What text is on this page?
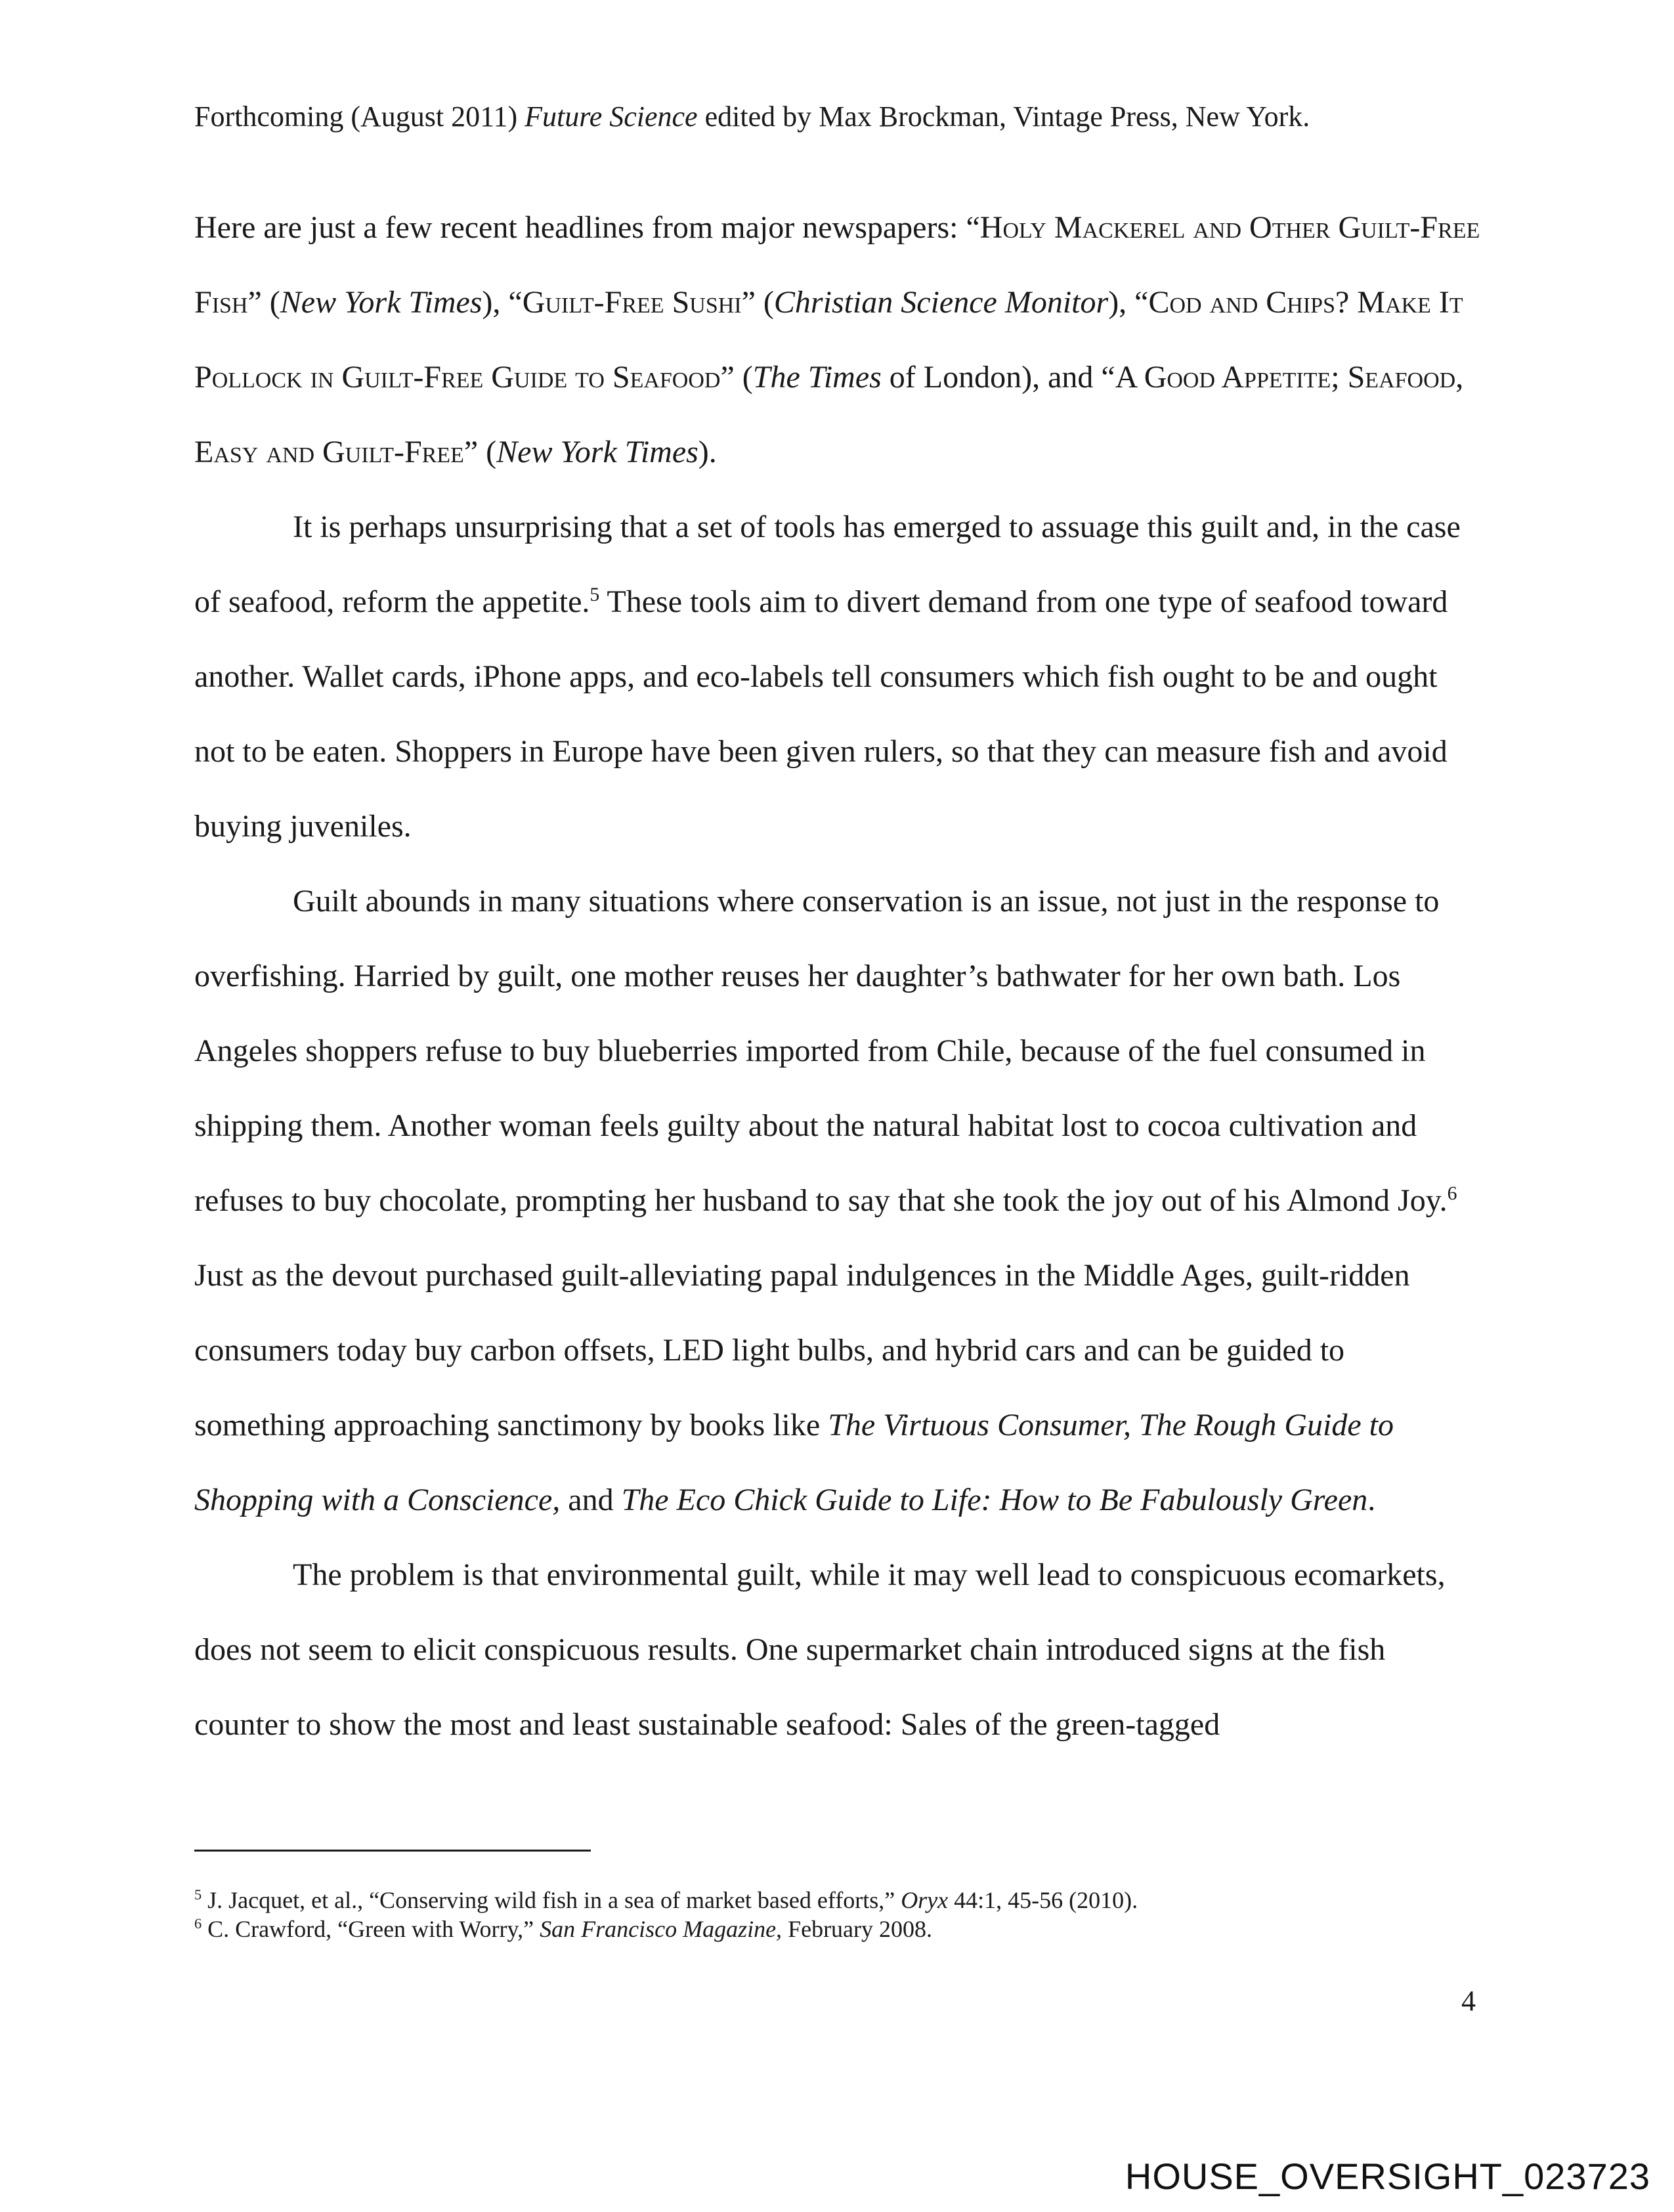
Forthcoming (August 2011) Future Science edited by Max Brockman, Vintage Press, New York.

Here are just a few recent headlines from major newspapers: “Holy Mackerel and Other Guilt-Free Fish” (New York Times), “Guilt-Free Sushi” (Christian Science Monitor), “Cod and Chips? Make It Pollock in Guilt-Free Guide to Seafood” (The Times of London), and “A Good Appetite; Seafood, Easy and Guilt-Free” (New York Times).

It is perhaps unsurprising that a set of tools has emerged to assuage this guilt and, in the case of seafood, reform the appetite.$^5$ These tools aim to divert demand from one type of seafood toward another. Wallet cards, iPhone apps, and eco-labels tell consumers which fish ought to be and ought not to be eaten. Shoppers in Europe have been given rulers, so that they can measure fish and avoid buying juveniles.

Guilt abounds in many situations where conservation is an issue, not just in the response to overfishing. Harried by guilt, one mother reuses her daughter’s bathwater for her own bath. Los Angeles shoppers refuse to buy blueberries imported from Chile, because of the fuel consumed in shipping them. Another woman feels guilty about the natural habitat lost to cocoa cultivation and refuses to buy chocolate, prompting her husband to say that she took the joy out of his Almond Joy.$^6$ Just as the devout purchased guilt-alleviating papal indulgences in the Middle Ages, guilt-ridden consumers today buy carbon offsets, LED light bulbs, and hybrid cars and can be guided to something approaching sanctimony by books like The Virtuous Consumer, The Rough Guide to Shopping with a Conscience, and The Eco Chick Guide to Life: How to Be Fabulously Green.

The problem is that environmental guilt, while it may well lead to conspicuous ecomarkets, does not seem to elicit conspicuous results. One supermarket chain introduced signs at the fish counter to show the most and least sustainable seafood: Sales of the green-tagged

$^5$ J. Jacquet, et al., “Conserving wild fish in a sea of market based efforts,” Oryx 44:1, 45-56 (2010).

$^6$ C. Crawford, “Green with Worry,” San Francisco Magazine, February 2008.

4
HOUSE_OVERSIGHT_023723
